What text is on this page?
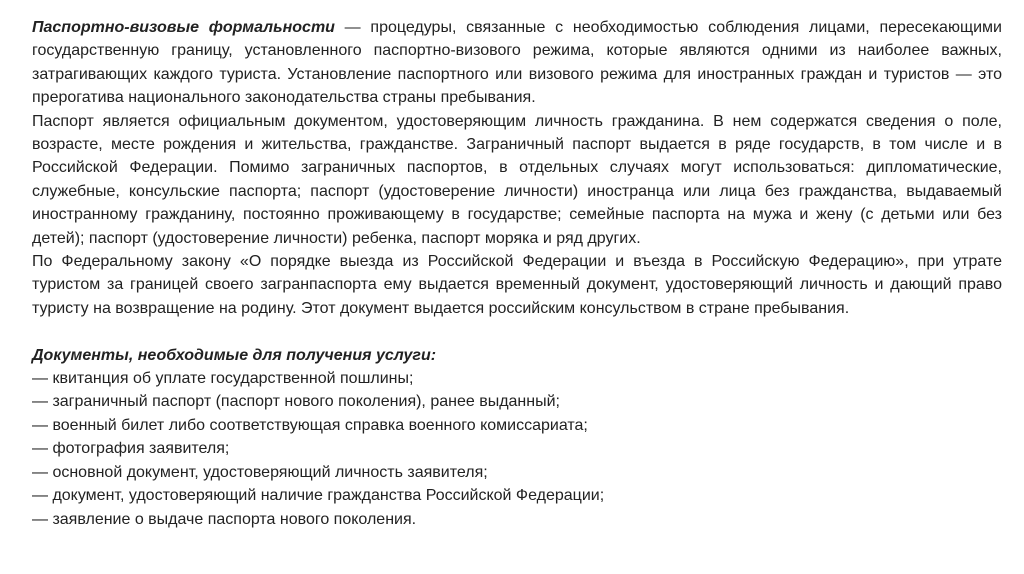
Паспортно-визовые формальности — процедуры, связанные с необходимостью соблюдения лицами, пересекающими государственную границу, установленного паспортно-визового режима, которые являются одними из наиболее важных, затрагивающих каждого туриста. Установление паспортного или визового режима для иностранных граждан и туристов — это прерогатива национального законодательства страны пребывания.

Паспорт является официальным документом, удостоверяющим личность гражданина. В нем содержатся сведения о поле, возрасте, месте рождения и жительства, гражданстве. Заграничный паспорт выдается в ряде государств, в том числе и в Российской Федерации. Помимо заграничных паспортов, в отдельных случаях могут использоваться: дипломатические, служебные, консульские паспорта; паспорт (удостоверение личности) иностранца или лица без гражданства, выдаваемый иностранному гражданину, постоянно проживающему в государстве; семейные паспорта на мужа и жену (с детьми или без детей); паспорт (удостоверение личности) ребенка, паспорт моряка и ряд других.

По Федеральному закону «О порядке выезда из Российской Федерации и въезда в Российскую Федерацию», при утрате туристом за границей своего загранпаспорта ему выдается временный документ, удостоверяющий личность и дающий право туристу на возвращение на родину. Этот документ выдается российским консульством в стране пребывания.

Документы, необходимые для получения услуги:

— квитанция об уплате государственной пошлины;
— заграничный паспорт (паспорт нового поколения), ранее выданный;
— военный билет либо соответствующая справка военного комиссариата;
— фотография заявителя;
— основной документ, удостоверяющий личность заявителя;
— документ, удостоверяющий наличие гражданства Российской Федерации;
— заявление о выдаче паспорта нового поколения.
